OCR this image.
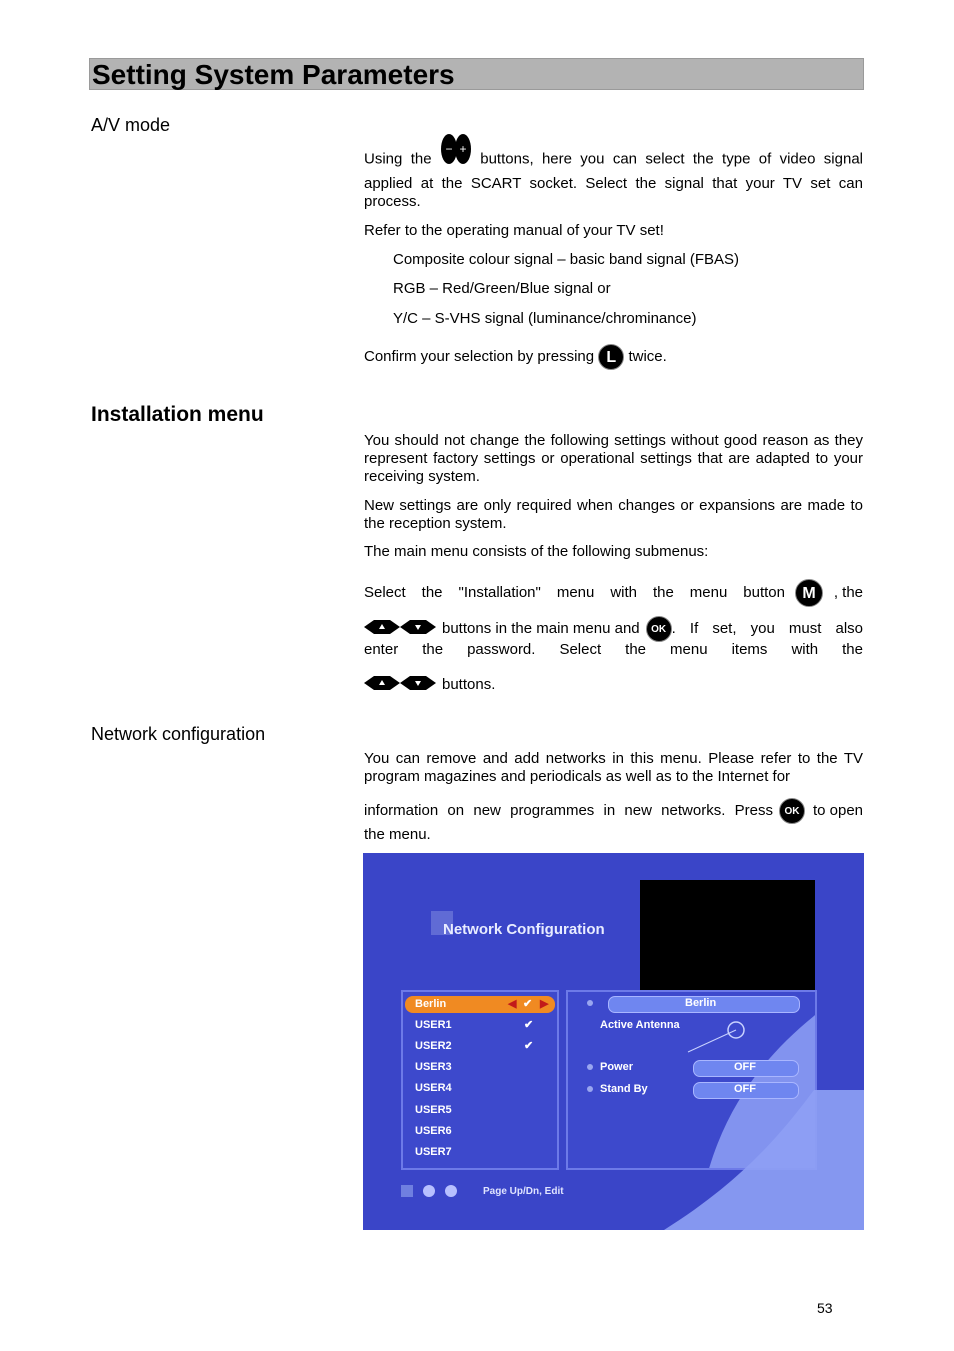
Setting System Parameters
A/V mode
Using the
− +
buttons, here you can select the type of video signal
applied at the SCART socket. Select the signal that your TV set can process.
Refer to the operating manual of your TV set!
Composite colour signal – basic band signal (FBAS)
RGB – Red/Green/Blue signal or
Y/C – S-VHS signal (luminance/chrominance)
Confirm your selection by pressing L twice.
Installation menu
You should not change the following settings without good reason as they represent factory settings or operational settings that are adapted to your receiving system.
New settings are only required when changes or expansions are made to the reception system.
The main menu consists of the following submenus:
Select the "Installation" menu with the menu button	M	, the
buttons in the main menu and	OK . If set, you must also
enter the password. Select the menu items with the
buttons.
Network configuration
You can remove and add networks in this menu. Please refer to the TV program magazines and periodicals as well as to the Internet for
information on new programmes in new networks. Press	OK to open
the menu.
Network Configuration
Berlin	◀ ✔ ▶
USER1	✔
USER2	✔
USER3
USER4
USER5
USER6
USER7
Berlin
Active Antenna
Power	OFF
Stand By	OFF
Page Up/Dn, Edit
53
